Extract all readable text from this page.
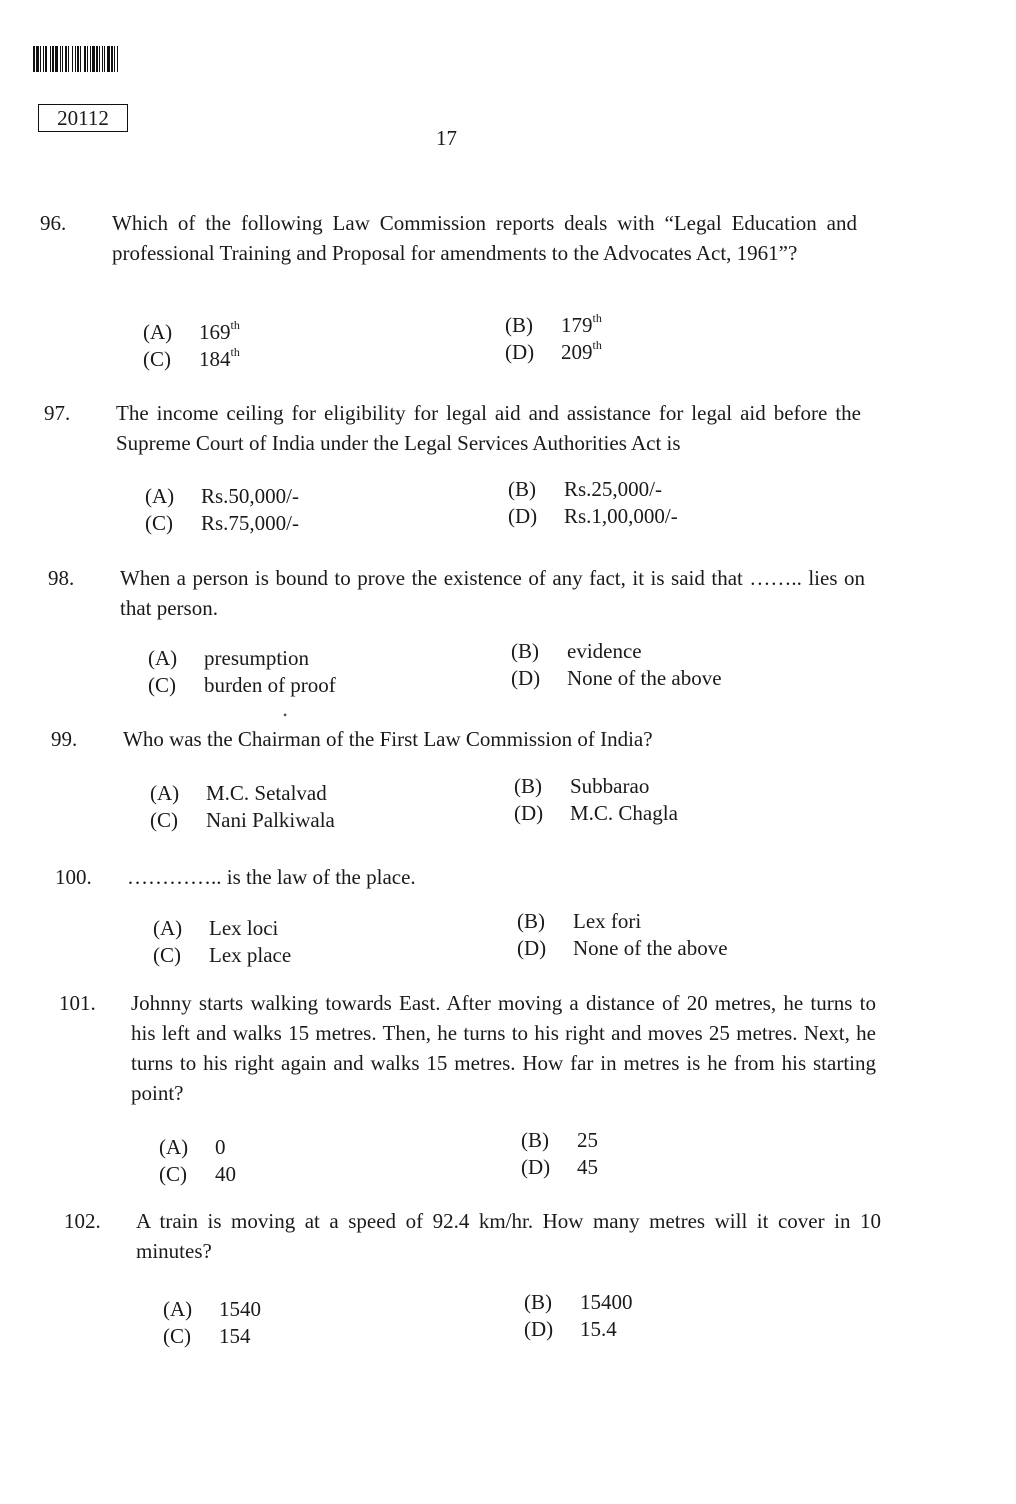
20112
17
96. Which of the following Law Commission reports deals with “Legal Education and professional Training and Proposal for amendments to the Advocates Act, 1961”?
(A) 169th	(B) 179th
(C) 184th	(D) 209th
97. The income ceiling for eligibility for legal aid and assistance for legal aid before the Supreme Court of India under the Legal Services Authorities Act is
(A) Rs.50,000/-	(B) Rs.25,000/-
(C) Rs.75,000/-	(D) Rs.1,00,000/-
98. When a person is bound to prove the existence of any fact, it is said that …….. lies on that person.
(A) presumption	(B) evidence
(C) burden of proof	(D) None of the above
•
99. Who was the Chairman of the First Law Commission of India?
(A) M.C. Setalvad	(B) Subbarao
(C) Nani Palkiwala	(D) M.C. Chagla
100. ………….. is the law of the place.
(A) Lex loci	(B) Lex fori
(C) Lex place	(D) None of the above
101. Johnny starts walking towards East. After moving a distance of 20 metres, he turns to his left and walks 15 metres. Then, he turns to his right and moves 25 metres. Next, he turns to his right again and walks 15 metres. How far in metres is he from his starting point?
(A) 0	(B) 25
(C) 40	(D) 45
102. A train is moving at a speed of 92.4 km/hr. How many metres will it cover in 10 minutes?
(A) 1540	(B) 15400
(C) 154	(D) 15.4
